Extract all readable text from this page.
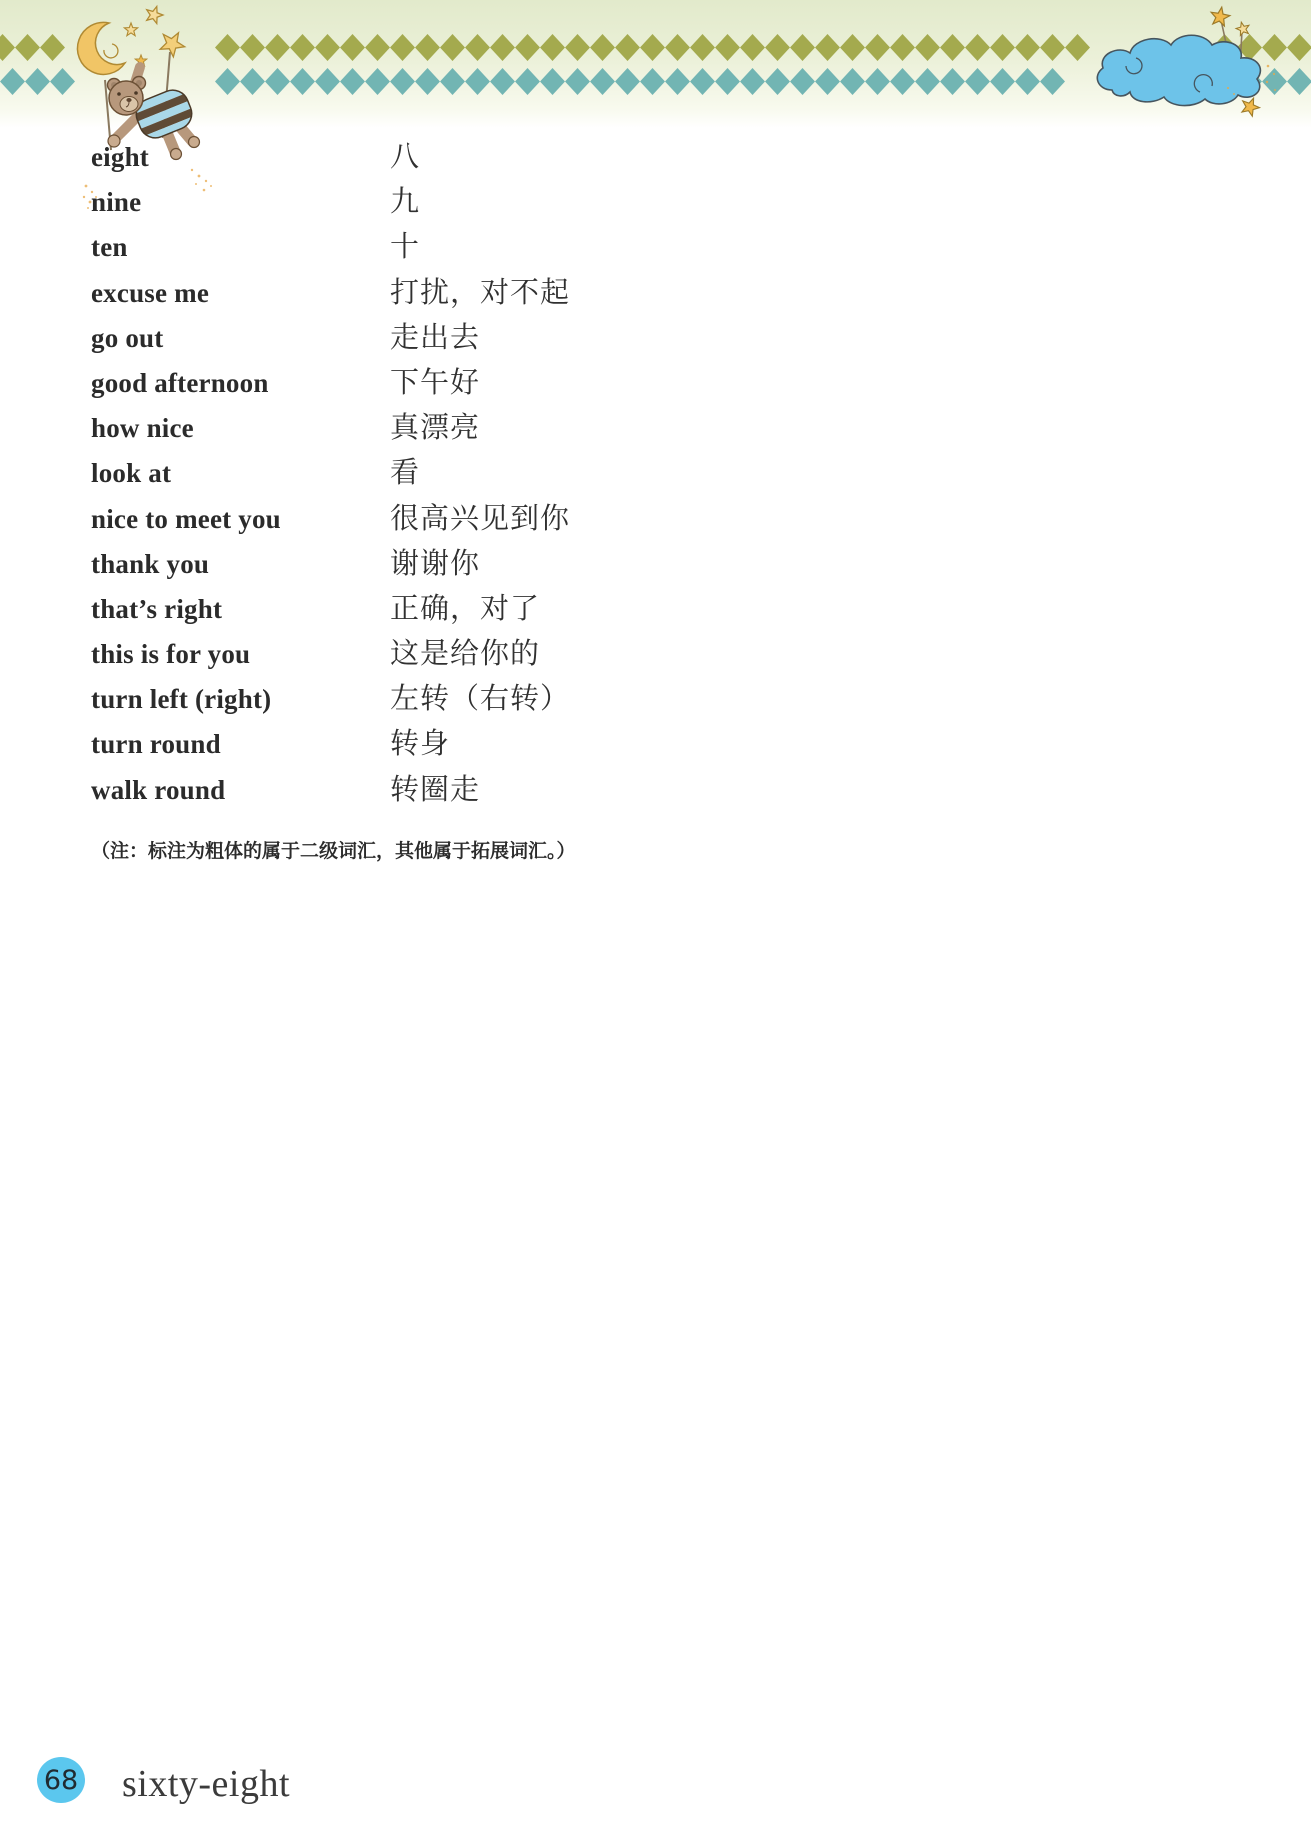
eight	八
nine	九
ten	十
excuse me	打扰，对不起
go out	走出去
good afternoon	下午好
how nice	真漂亮
look at	看
nice to meet you	很高兴见到你
thank you	谢谢你
that’s right	正确，对了
this is for you	这是给你的
turn left (right)	左转（右转）
turn round	转身
walk round	转圈走
（注：标注为粗体的属于二级词汇，其他属于拓展词汇。）
68 sixty-eight
